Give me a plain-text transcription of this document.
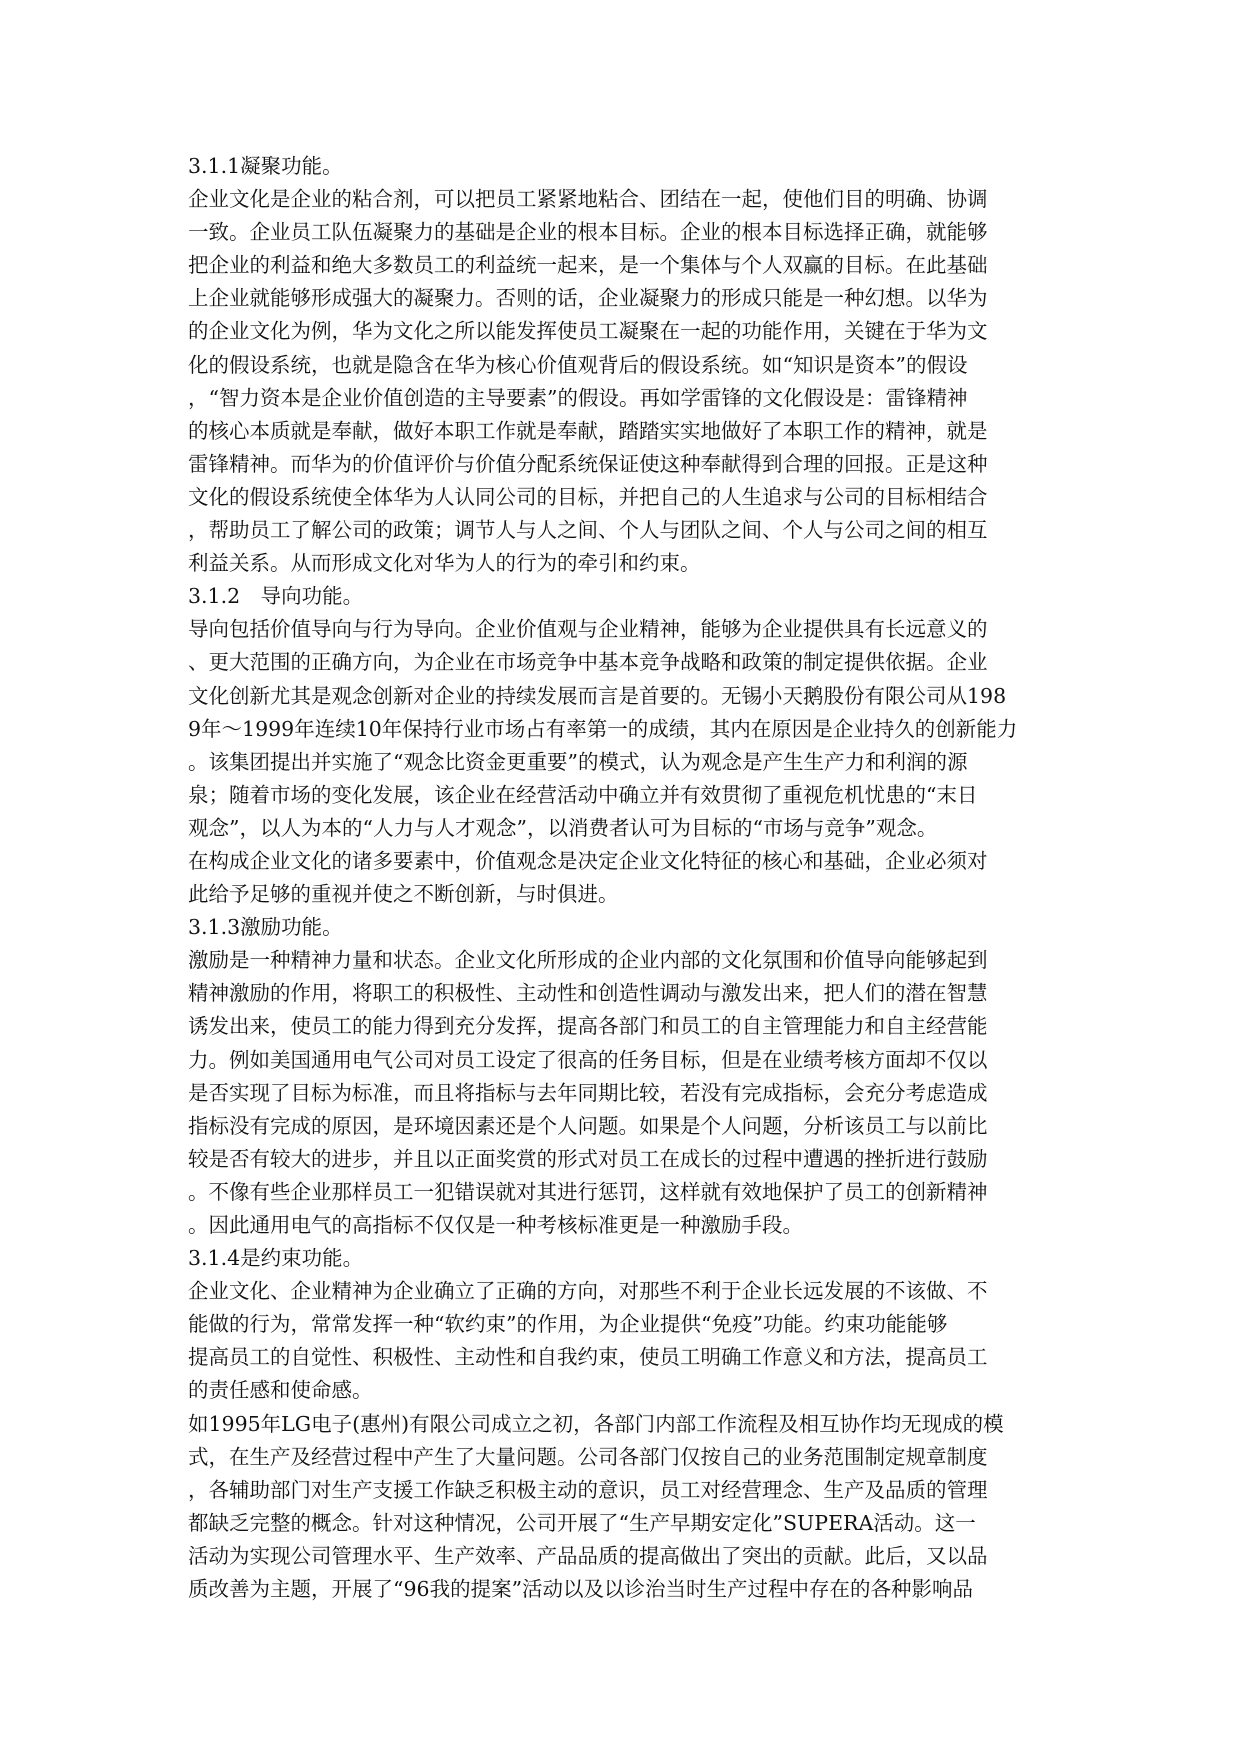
3.1.1凝聚功能。
企业文化是企业的粘合剂，可以把员工紧紧地粘合、团结在一起，使他们目的明确、协调
一致。企业员工队伍凝聚力的基础是企业的根本目标。企业的根本目标选择正确，就能够
把企业的利益和绝大多数员工的利益统一起来，是一个集体与个人双赢的目标。在此基础
上企业就能够形成强大的凝聚力。否则的话，企业凝聚力的形成只能是一种幻想。以华为
的企业文化为例，华为文化之所以能发挥使员工凝聚在一起的功能作用，关键在于华为文
化的假设系统，也就是隐含在华为核心价值观背后的假设系统。如“知识是资本”的假设
，“智力资本是企业价值创造的主导要素”的假设。再如学雷锋的文化假设是：雷锋精神
的核心本质就是奉献，做好本职工作就是奉献，踏踏实实地做好了本职工作的精神，就是
雷锋精神。而华为的价值评价与价值分配系统保证使这种奉献得到合理的回报。正是这种
文化的假设系统使全体华为人认同公司的目标，并把自己的人生追求与公司的目标相结合
，帮助员工了解公司的政策；调节人与人之间、个人与团队之间、个人与公司之间的相互
利益关系。从而形成文化对华为人的行为的牵引和约束。
3.1.2　导向功能。
导向包括价值导向与行为导向。企业价值观与企业精神，能够为企业提供具有长远意义的
、更大范围的正确方向，为企业在市场竞争中基本竞争战略和政策的制定提供依据。企业
文化创新尤其是观念创新对企业的持续发展而言是首要的。无锡小天鹅股份有限公司从198
9年～1999年连续10年保持行业市场占有率第一的成绩，其内在原因是企业持久的创新能力
。该集团提出并实施了“观念比资金更重要”的模式，认为观念是产生生产力和利润的源
泉；随着市场的变化发展，该企业在经营活动中确立并有效贯彻了重视危机忧患的“末日
观念”，以人为本的“人力与人才观念”，以消费者认可为目标的“市场与竞争”观念。
在构成企业文化的诸多要素中，价值观念是决定企业文化特征的核心和基础，企业必须对
此给予足够的重视并使之不断创新，与时俱进。
3.1.3激励功能。
激励是一种精神力量和状态。企业文化所形成的企业内部的文化氛围和价值导向能够起到
精神激励的作用，将职工的积极性、主动性和创造性调动与激发出来，把人们的潜在智慧
诱发出来，使员工的能力得到充分发挥，提高各部门和员工的自主管理能力和自主经营能
力。例如美国通用电气公司对员工设定了很高的任务目标，但是在业绩考核方面却不仅以
是否实现了目标为标准，而且将指标与去年同期比较，若没有完成指标，会充分考虑造成
指标没有完成的原因，是环境因素还是个人问题。如果是个人问题，分析该员工与以前比
较是否有较大的进步，并且以正面奖赏的形式对员工在成长的过程中遭遇的挫折进行鼓励
。不像有些企业那样员工一犯错误就对其进行惩罚，这样就有效地保护了员工的创新精神
。因此通用电气的高指标不仅仅是一种考核标准更是一种激励手段。
3.1.4是约束功能。
企业文化、企业精神为企业确立了正确的方向，对那些不利于企业长远发展的不该做、不
能做的行为，常常发挥一种“软约束”的作用，为企业提供“免疫”功能。约束功能能够
提高员工的自觉性、积极性、主动性和自我约束，使员工明确工作意义和方法，提高员工
的责任感和使命感。
如1995年LG电子(惠州)有限公司成立之初，各部门内部工作流程及相互协作均无现成的模
式，在生产及经营过程中产生了大量问题。公司各部门仅按自己的业务范围制定规章制度
，各辅助部门对生产支援工作缺乏积极主动的意识，员工对经营理念、生产及品质的管理
都缺乏完整的概念。针对这种情况，公司开展了“生产早期安定化”SUPERA活动。这一
活动为实现公司管理水平、生产效率、产品品质的提高做出了突出的贡献。此后，又以品
质改善为主题，开展了“96我的提案”活动以及以诊治当时生产过程中存在的各种影响品
